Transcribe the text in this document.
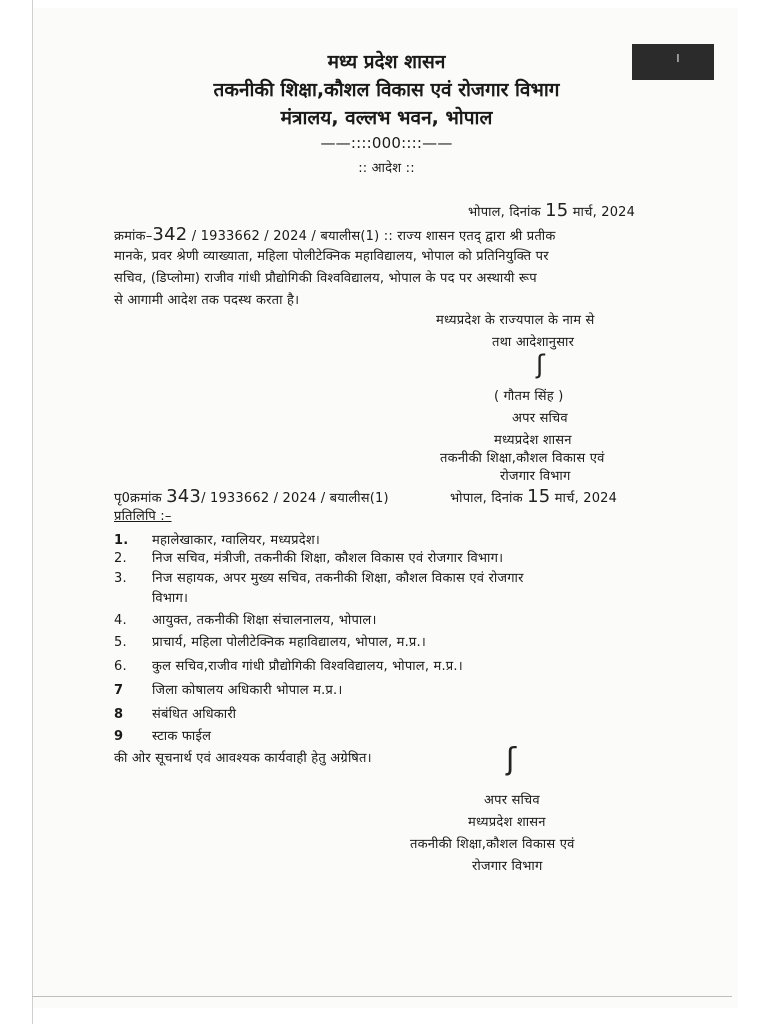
ı
मध्य प्रदेश शासन
तकनीकी शिक्षा,कौशल विकास एवं रोजगार विभाग
मंत्रालय, वल्लभ भवन, भोपाल
——::::000::::——
:: आदेश ::
भोपाल, दिनांक 15 मार्च, 2024
क्रमांक–342 / 1933662 / 2024 / बयालीस(1) :: राज्य शासन एतद् द्वारा श्री प्रतीक
मानके, प्रवर श्रेणी व्याख्याता, महिला पोलीटेक्निक महाविद्यालय, भोपाल को प्रतिनियुक्ति पर
सचिव, (डिप्लोमा) राजीव गांधी प्रौद्योगिकी विश्वविद्यालय, भोपाल के पद पर अस्थायी रूप
से आगामी आदेश तक पदस्थ करता है।
मध्यप्रदेश के राज्यपाल के नाम से
तथा आदेशानुसार
ʃ
( गौतम सिंह )
अपर सचिव
मध्यप्रदेश शासन
तकनीकी शिक्षा,कौशल विकास एवं
रोजगार विभाग
पृ0क्रमांक 343/ 1933662 / 2024 / बयालीस(1)	भोपाल, दिनांक 15 मार्च, 2024
प्रतिलिपि :–
1. महालेखाकार, ग्वालियर, मध्यप्रदेश।
2. निज सचिव, मंत्रीजी, तकनीकी शिक्षा, कौशल विकास एवं रोजगार विभाग।
3. निज सहायक, अपर मुख्य सचिव, तकनीकी शिक्षा, कौशल विकास एवं रोजगार
विभाग।
4. आयुक्त, तकनीकी शिक्षा संचालनालय, भोपाल।
5. प्राचार्य, महिला पोलीटेक्निक महाविद्यालय, भोपाल, म.प्र.।
6. कुल सचिव,राजीव गांधी प्रौद्योगिकी विश्वविद्यालय, भोपाल, म.प्र.।
7 जिला कोषालय अधिकारी भोपाल म.प्र.।
8 संबंधित अधिकारी
9 स्टाक फाईल
की ओर सूचनार्थ एवं आवश्यक कार्यवाही हेतु अग्रेषित।	ʃ
अपर सचिव
मध्यप्रदेश शासन
तकनीकी शिक्षा,कौशल विकास एवं
रोजगार विभाग
